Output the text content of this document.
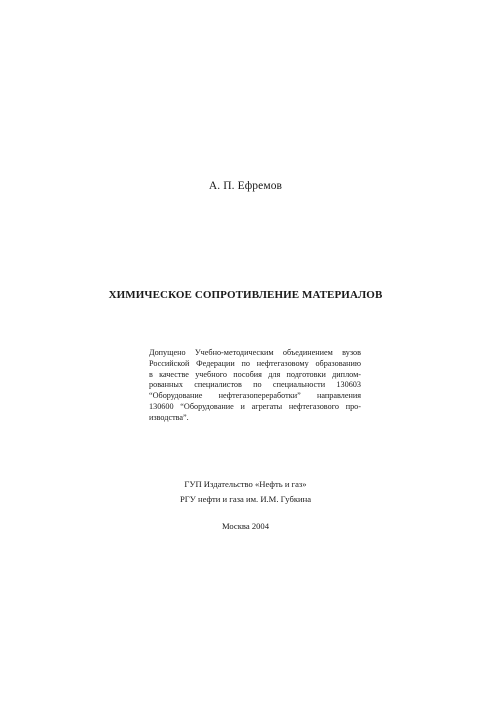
А. П. Ефремов
ХИМИЧЕСКОЕ СОПРОТИВЛЕНИЕ МАТЕРИАЛОВ
Допущено Учебно-методическим объединением вузов
Российской Федерации по нефтегазовому образованию
в качестве учебного пособия для подготовки диплом-
рованных специалистов по специальности 130603
“Оборудование нефтегазопереработки” направления
130600 “Оборудование и агрегаты нефтегазового про-
изводства”.
ГУП Издательство «Нефть и газ»
РГУ нефти и газа им. И.М. Губкина
Москва 2004
